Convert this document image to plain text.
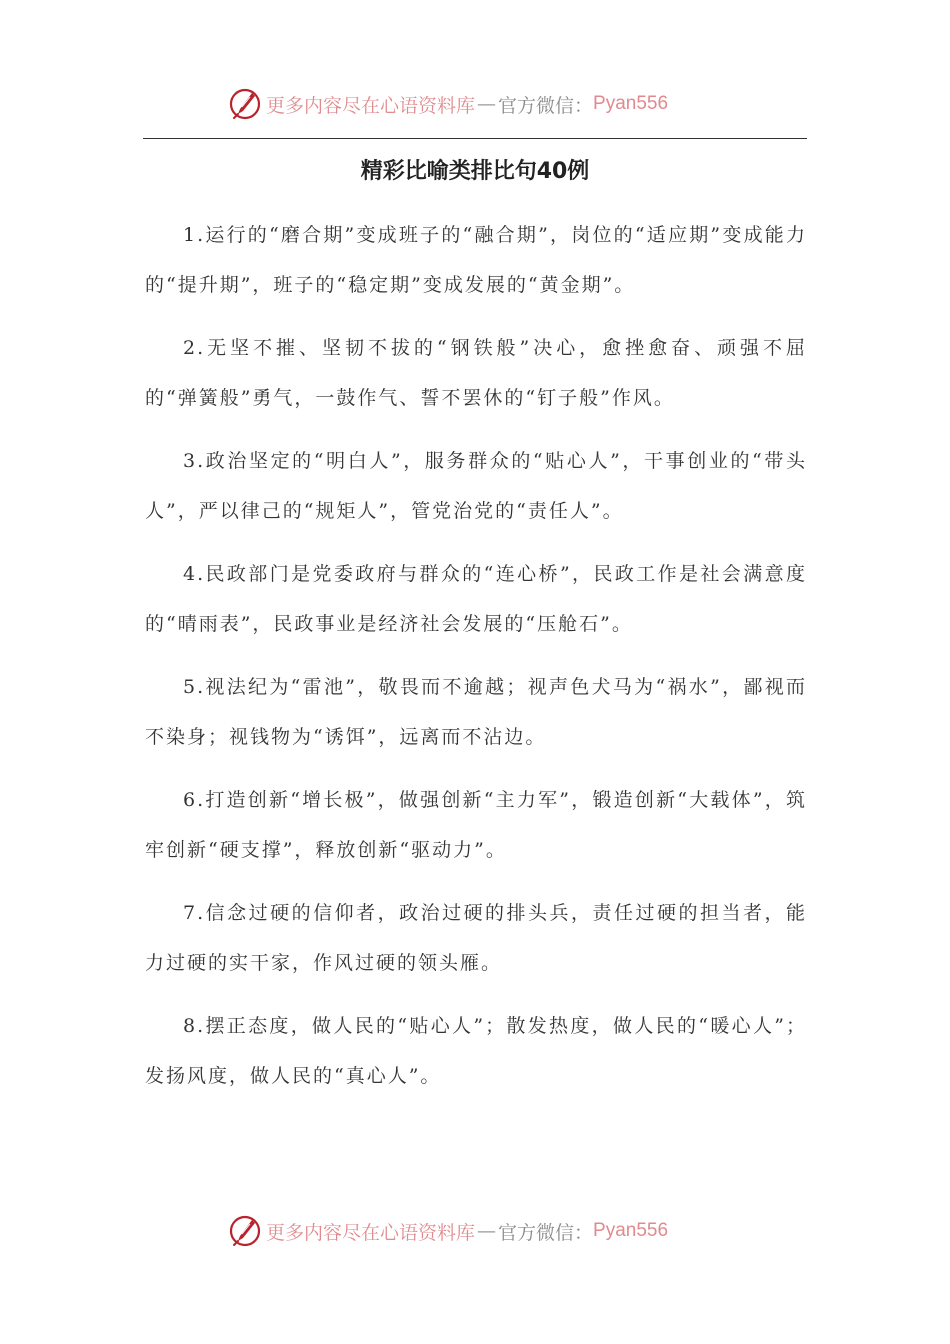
更多内容尽在心语资料库 — 官方微信： Pyan556
精彩比喻类排比句40例

1.运行的“磨合期”变成班子的“融合期”，岗位的“适应期”变成能力的“提升期”，班子的“稳定期”变成发展的“黄金期”。

2.无坚不摧、坚韧不拔的“钢铁般”决心，愈挫愈奋、顽强不屈的“弹簧般”勇气，一鼓作气、誓不罢休的“钉子般”作风。

3.政治坚定的“明白人”，服务群众的“贴心人”，干事创业的“带头人”，严以律己的“规矩人”，管党治党的“责任人”。

4.民政部门是党委政府与群众的“连心桥”，民政工作是社会满意度的“晴雨表”，民政事业是经济社会发展的“压舱石”。

5.视法纪为“雷池”，敬畏而不逾越；视声色犬马为“祸水”，鄙视而不染身；视钱物为“诱饵”，远离而不沾边。

6.打造创新“增长极”，做强创新“主力军”，锻造创新“大载体”，筑牢创新“硬支撑”，释放创新“驱动力”。

7.信念过硬的信仰者，政治过硬的排头兵，责任过硬的担当者，能力过硬的实干家，作风过硬的领头雁。

8.摆正态度，做人民的“贴心人”；散发热度，做人民的“暖心人”；发扬风度，做人民的“真心人”。

更多内容尽在心语资料库 — 官方微信： Pyan556
